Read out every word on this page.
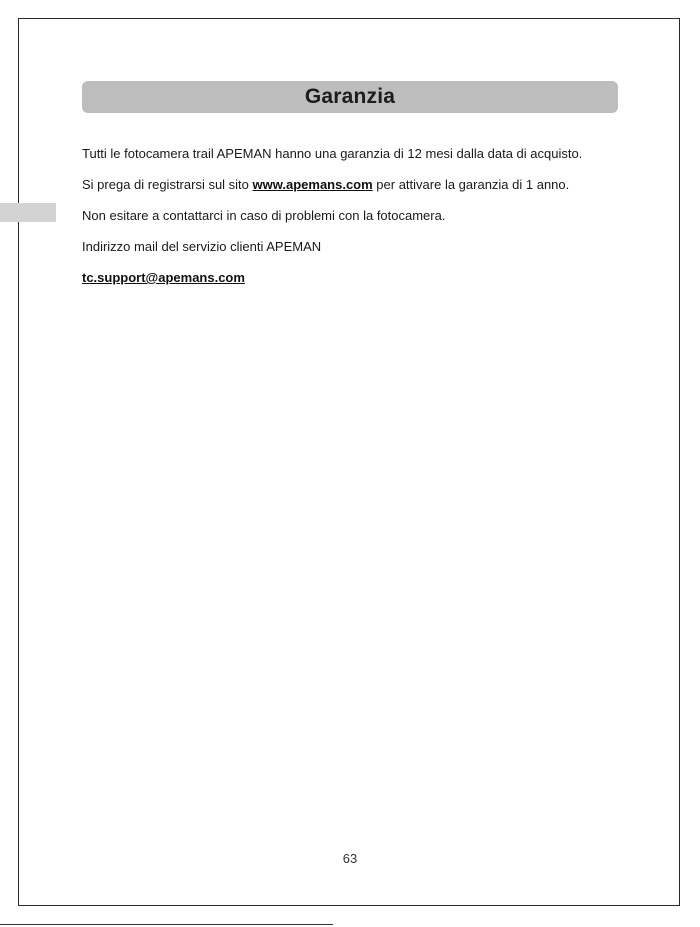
Garanzia

Tutti le fotocamera trail APEMAN hanno una garanzia di 12 mesi dalla data di acquisto.

Si prega di registrarsi sul sito www.apemans.com per attivare la garanzia di 1 anno.

Non esitare a contattarci in caso di problemi con la fotocamera.

Indirizzo mail del servizio clienti APEMAN

tc.support@apemans.com

63
